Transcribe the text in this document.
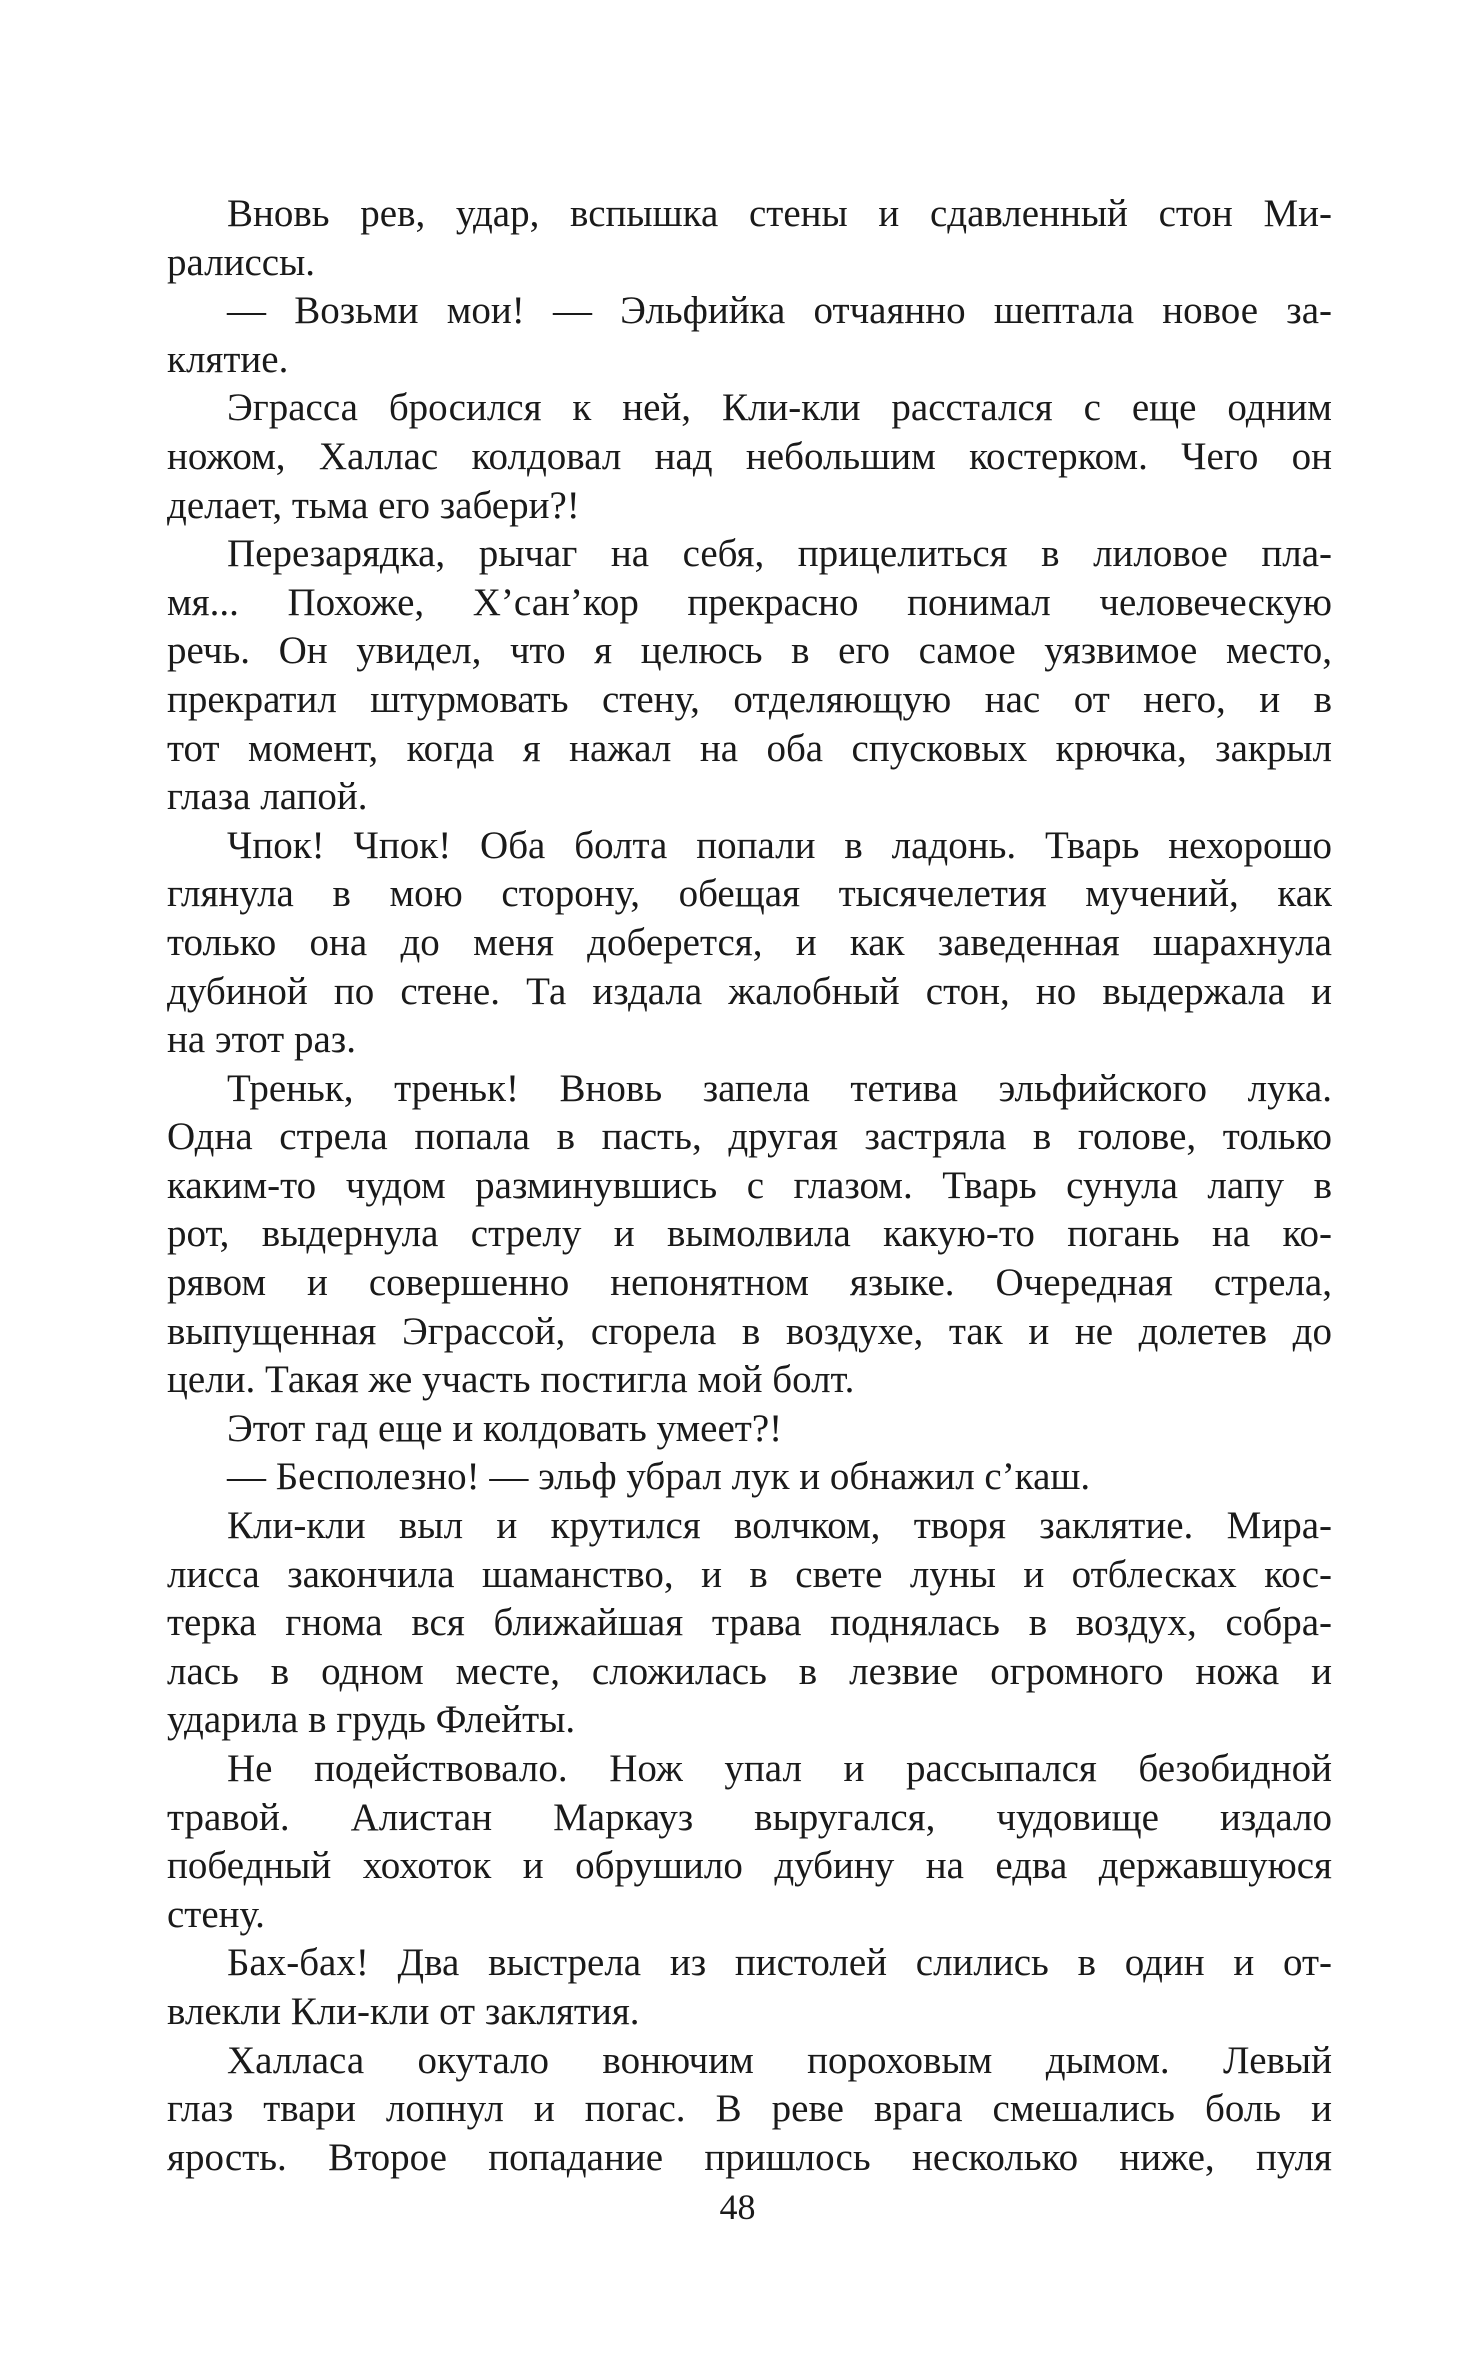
Вновь рев, удар, вспышка стены и сдавленный стон Ми-
ралиссы.
— Возьми мои! — Эльфийка отчаянно шептала новое за-
клятие.
Эграсса бросился к ней, Кли-кли расстался с еще одним
ножом, Халлас колдовал над небольшим костерком. Чего он
делает, тьма его забери?!
Перезарядка, рычаг на себя, прицелиться в лиловое пла-
мя... Похоже, Х’сан’кор прекрасно понимал человеческую
речь. Он увидел, что я целюсь в его самое уязвимое место,
прекратил штурмовать стену, отделяющую нас от него, и в
тот момент, когда я нажал на оба спусковых крючка, закрыл
глаза лапой.
Чпок! Чпок! Оба болта попали в ладонь. Тварь нехорошо
глянула в мою сторону, обещая тысячелетия мучений, как
только она до меня доберется, и как заведенная шарахнула
дубиной по стене. Та издала жалобный стон, но выдержала и
на этот раз.
Треньк, треньк! Вновь запела тетива эльфийского лука.
Одна стрела попала в пасть, другая застряла в голове, только
каким-то чудом разминувшись с глазом. Тварь сунула лапу в
рот, выдернула стрелу и вымолвила какую-то погань на ко-
рявом и совершенно непонятном языке. Очередная стрела,
выпущенная Эграссой, сгорела в воздухе, так и не долетев до
цели. Такая же участь постигла мой болт.
Этот гад еще и колдовать умеет?!
— Бесполезно! — эльф убрал лук и обнажил с’каш.
Кли-кли выл и крутился волчком, творя заклятие. Мира-
лисса закончила шаманство, и в свете луны и отблесках кос-
терка гнома вся ближайшая трава поднялась в воздух, собра-
лась в одном месте, сложилась в лезвие огромного ножа и
ударила в грудь Флейты.
Не подействовало. Нож упал и рассыпался безобидной
травой. Алистан Маркауз выругался, чудовище издало
победный хохоток и обрушило дубину на едва державшуюся
стену.
Бах-бах! Два выстрела из пистолей слились в один и от-
влекли Кли-кли от заклятия.
Халласа окутало вонючим пороховым дымом. Левый
глаз твари лопнул и погас. В реве врага смешались боль и
ярость. Второе попадание пришлось несколько ниже, пуля
48
